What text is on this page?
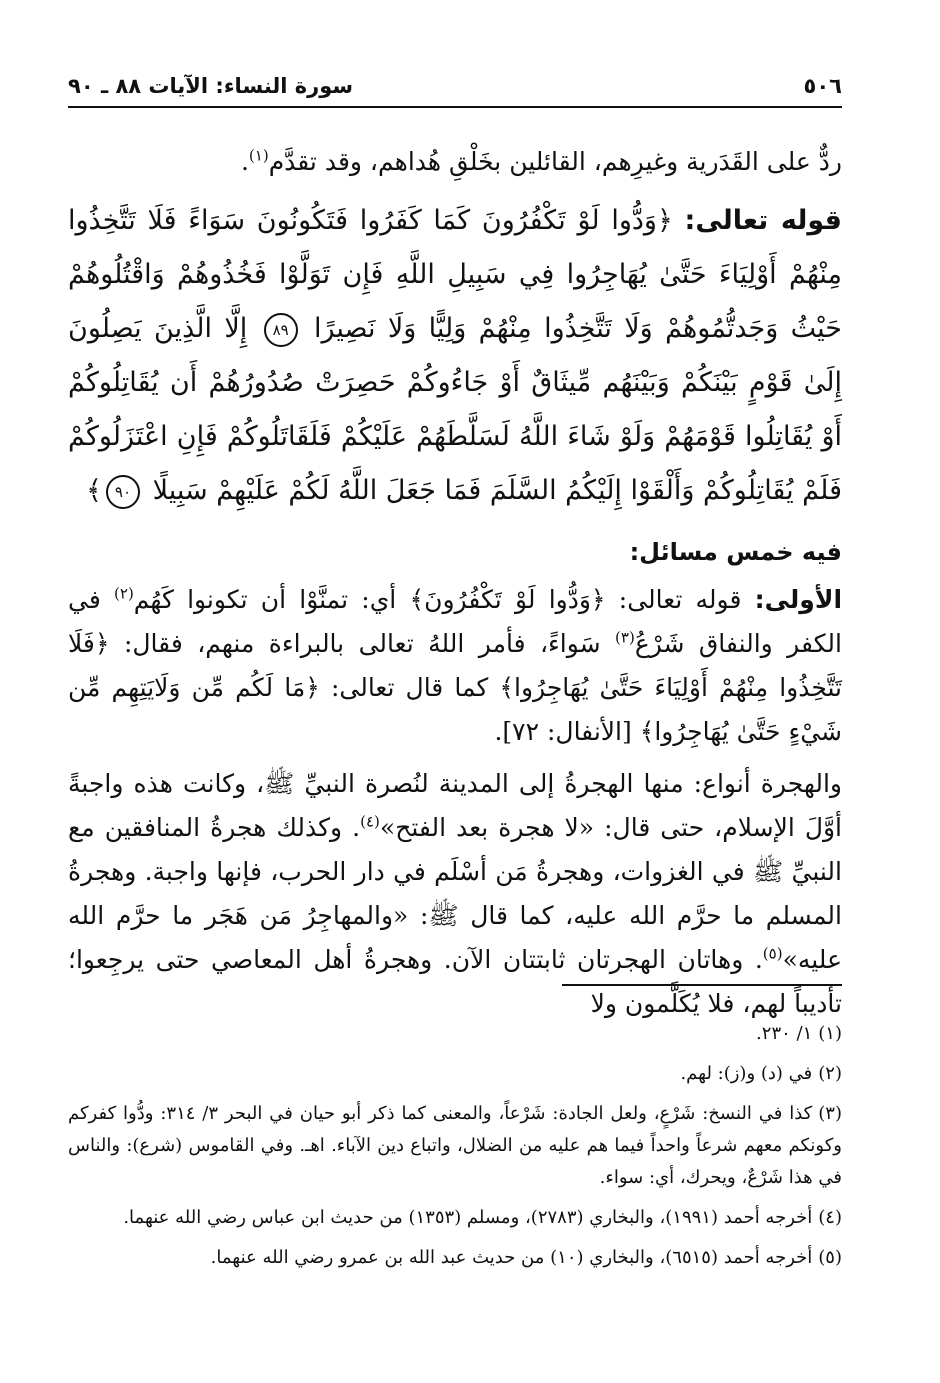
٥٠٦
سورة النساء: الآيات ٨٨ ـ ٩٠

ردٌّ على القَدَرية وغيرِهم، القائلين بخَلْقِ هُداهم، وقد تقدَّم$^{(١)}$.

قوله تعالى: ﴿وَدُّوا لَوْ تَكْفُرُونَ كَمَا كَفَرُوا فَتَكُونُونَ سَوَاءً فَلَا تَتَّخِذُوا مِنْهُمْ أَوْلِيَاءَ حَتَّىٰ يُهَاجِرُوا فِي سَبِيلِ اللَّهِ فَإِن تَوَلَّوْا فَخُذُوهُمْ وَاقْتُلُوهُمْ حَيْثُ وَجَدتُّمُوهُمْ وَلَا تَتَّخِذُوا مِنْهُمْ وَلِيًّا وَلَا نَصِيرًا ٨٩ إِلَّا الَّذِينَ يَصِلُونَ إِلَىٰ قَوْمٍ بَيْنَكُمْ وَبَيْنَهُم مِّيثَاقٌ أَوْ جَاءُوكُمْ حَصِرَتْ صُدُورُهُمْ أَن يُقَاتِلُوكُمْ أَوْ يُقَاتِلُوا قَوْمَهُمْ وَلَوْ شَاءَ اللَّهُ لَسَلَّطَهُمْ عَلَيْكُمْ فَلَقَاتَلُوكُمْ فَإِنِ اعْتَزَلُوكُمْ فَلَمْ يُقَاتِلُوكُمْ وَأَلْقَوْا إِلَيْكُمُ السَّلَمَ فَمَا جَعَلَ اللَّهُ لَكُمْ عَلَيْهِمْ سَبِيلًا ٩٠﴾

فيه خمس مسائل:

الأولى: قوله تعالى: ﴿وَدُّوا لَوْ تَكْفُرُونَ﴾ أي: تمنَّوْا أن تكونوا كَهُم$^{(٢)}$ في الكفر والنفاق شَرْعُ$^{(٣)}$ سَواءً، فأمر اللهُ تعالى بالبراءة منهم، فقال: ﴿فَلَا تَتَّخِذُوا مِنْهُمْ أَوْلِيَاءَ حَتَّىٰ يُهَاجِرُوا﴾ كما قال تعالى: ﴿مَا لَكُم مِّن وَلَايَتِهِم مِّن شَيْءٍ حَتَّىٰ يُهَاجِرُوا﴾ [الأنفال: ٧٢].

والهجرة أنواع: منها الهجرةُ إلى المدينة لنُصرة النبيِّ ﷺ، وكانت هذه واجبةً أوَّلَ الإسلام، حتى قال: «لا هجرة بعد الفتح»$^{(٤)}$. وكذلك هجرةُ المنافقين مع النبيِّ ﷺ في الغزوات، وهجرةُ مَن أسْلَم في دار الحرب، فإنها واجبة. وهجرةُ المسلم ما حرَّم الله عليه، كما قال ﷺ: «والمهاجِرُ مَن هَجَر ما حرَّم الله عليه»$^{(٥)}$. وهاتان الهجرتان ثابتتان الآن. وهجرةُ أهل المعاصي حتى يرجِعوا؛ تأديباً لهم، فلا يُكَلَّمون ولا

(١)١/ ٢٣٠.

(٢)في (د) و(ز): لهم.

(٣)كذا في النسخ: شَرْعٍ، ولعل الجادة: شَرْعاً، والمعنى كما ذكر أبو حيان في البحر ٣/ ٣١٤: ودُّوا كفركم وكونكم معهم شرعاً واحداً فيما هم عليه من الضلال، واتباع دين الآباء. اهـ. وفي القاموس (شرع): والناس في هذا شَرْعٌ، ويحرك، أي: سواء.

(٤)أخرجه أحمد (١٩٩١)، والبخاري (٢٧٨٣)، ومسلم (١٣٥٣) من حديث ابن عباس رضي الله عنهما.

(٥)أخرجه أحمد (٦٥١٥)، والبخاري (١٠) من حديث عبد الله بن عمرو رضي الله عنهما.
